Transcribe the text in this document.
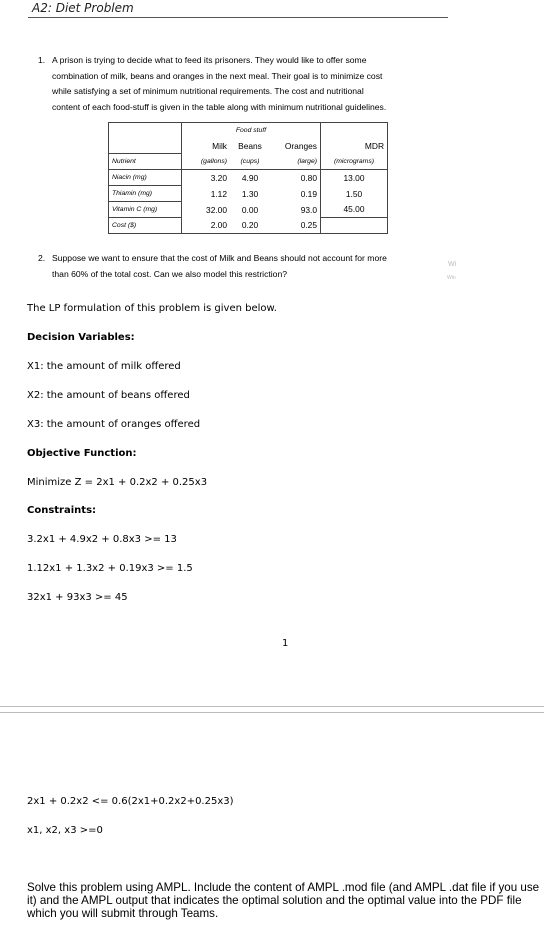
A2: Diet Problem
1. A prison is trying to decide what to feed its prisoners. They would like to offer some
combination of milk, beans and oranges in the next meal. Their goal is to minimize cost
while satisfying a set of minimum nutritional requirements. The cost and nutritional
content of each food-stuff is given in the table along with minimum nutritional guidelines.
	Food stuff			
	Milk	Beans	Oranges	MDR
Nutrient	(gallons)	(cups)	(large)	(micrograms)
Niacin (mg)	3.20	4.90	0.80	13.00
Thiamin (mg)	1.12	1.30	0.19	1.50
Vitamin C (mg)	32.00	0.00	93.0	45.00
Cost ($)	2.00	0.20	0.25	
2. Suppose we want to ensure that the cost of Milk and Beans should not account for more
than 60% of the total cost. Can we also model this restriction?
Wi
Win
The LP formulation of this problem is given below.
Decision Variables:
X1: the amount of milk offered
X2: the amount of beans offered
X3: the amount of oranges offered
Objective Function:
Minimize Z = 2x1 + 0.2x2 + 0.25x3
Constraints:
3.2x1 + 4.9x2 + 0.8x3 >= 13
1.12x1 + 1.3x2 + 0.19x3 >= 1.5
32x1 + 93x3 >= 45
1
2x1 + 0.2x2 <= 0.6(2x1+0.2x2+0.25x3)
x1, x2, x3 >=0
Solve this problem using AMPL. Include the content of AMPL .mod file (and AMPL .dat file if you use it) and the AMPL output that indicates the optimal solution and the optimal value into the PDF file which you will submit through Teams.
